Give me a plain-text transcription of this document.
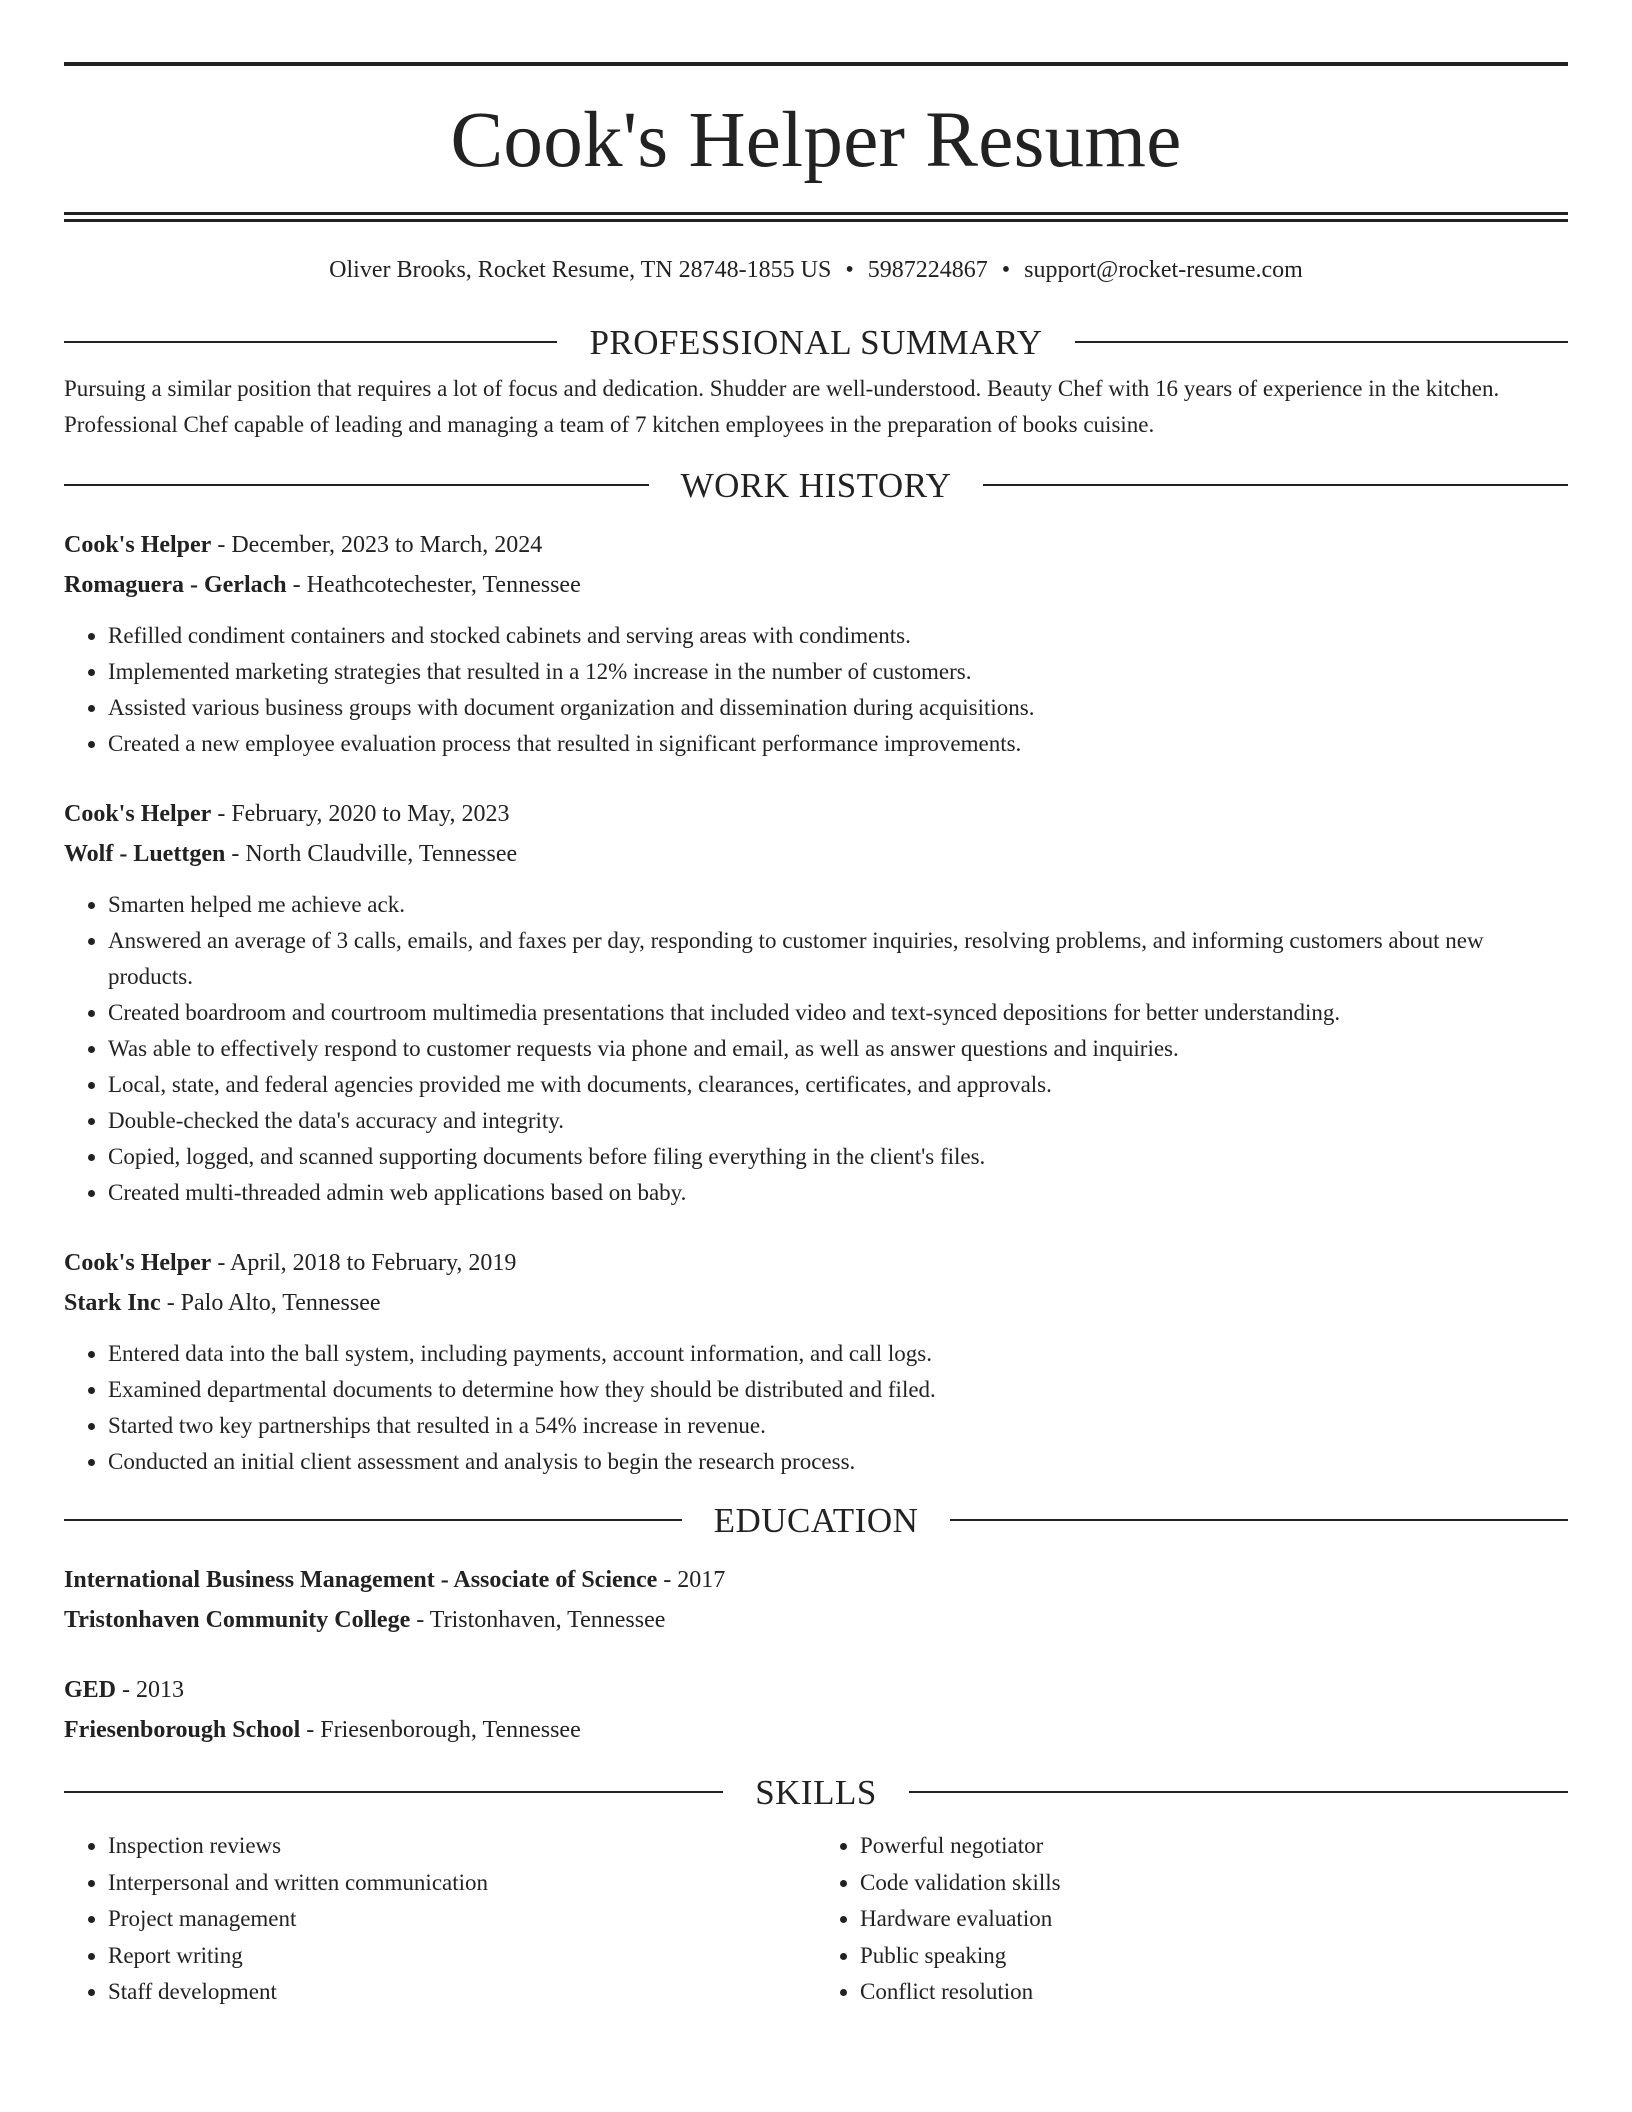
Cook's Helper Resume
Oliver Brooks, Rocket Resume, TN 28748-1855 US • 5987224867 • support@rocket-resume.com
PROFESSIONAL SUMMARY

Pursuing a similar position that requires a lot of focus and dedication. Shudder are well-understood. Beauty Chef with 16 years of experience in the kitchen. Professional Chef capable of leading and managing a team of 7 kitchen employees in the preparation of books cuisine.

WORK HISTORY
Cook's Helper - December, 2023 to March, 2024
Romaguera - Gerlach - Heathcotechester, Tennessee
• Refilled condiment containers and stocked cabinets and serving areas with condiments.
• Implemented marketing strategies that resulted in a 12% increase in the number of customers.
• Assisted various business groups with document organization and dissemination during acquisitions.
• Created a new employee evaluation process that resulted in significant performance improvements.
Cook's Helper - February, 2020 to May, 2023
Wolf - Luettgen - North Claudville, Tennessee
• Smarten helped me achieve ack.
• Answered an average of 3 calls, emails, and faxes per day, responding to customer inquiries, resolving problems, and informing customers about new products.
• Created boardroom and courtroom multimedia presentations that included video and text-synced depositions for better understanding.
• Was able to effectively respond to customer requests via phone and email, as well as answer questions and inquiries.
• Local, state, and federal agencies provided me with documents, clearances, certificates, and approvals.
• Double-checked the data's accuracy and integrity.
• Copied, logged, and scanned supporting documents before filing everything in the client's files.
• Created multi-threaded admin web applications based on baby.
Cook's Helper - April, 2018 to February, 2019
Stark Inc - Palo Alto, Tennessee
• Entered data into the ball system, including payments, account information, and call logs.
• Examined departmental documents to determine how they should be distributed and filed.
• Started two key partnerships that resulted in a 54% increase in revenue.
• Conducted an initial client assessment and analysis to begin the research process.
EDUCATION
International Business Management - Associate of Science - 2017
Tristonhaven Community College - Tristonhaven, Tennessee
GED - 2013
Friesenborough School - Friesenborough, Tennessee
SKILLS
• Inspection reviews
• Interpersonal and written communication
• Project management
• Report writing
• Staff development
• Powerful negotiator
• Code validation skills
• Hardware evaluation
• Public speaking
• Conflict resolution
